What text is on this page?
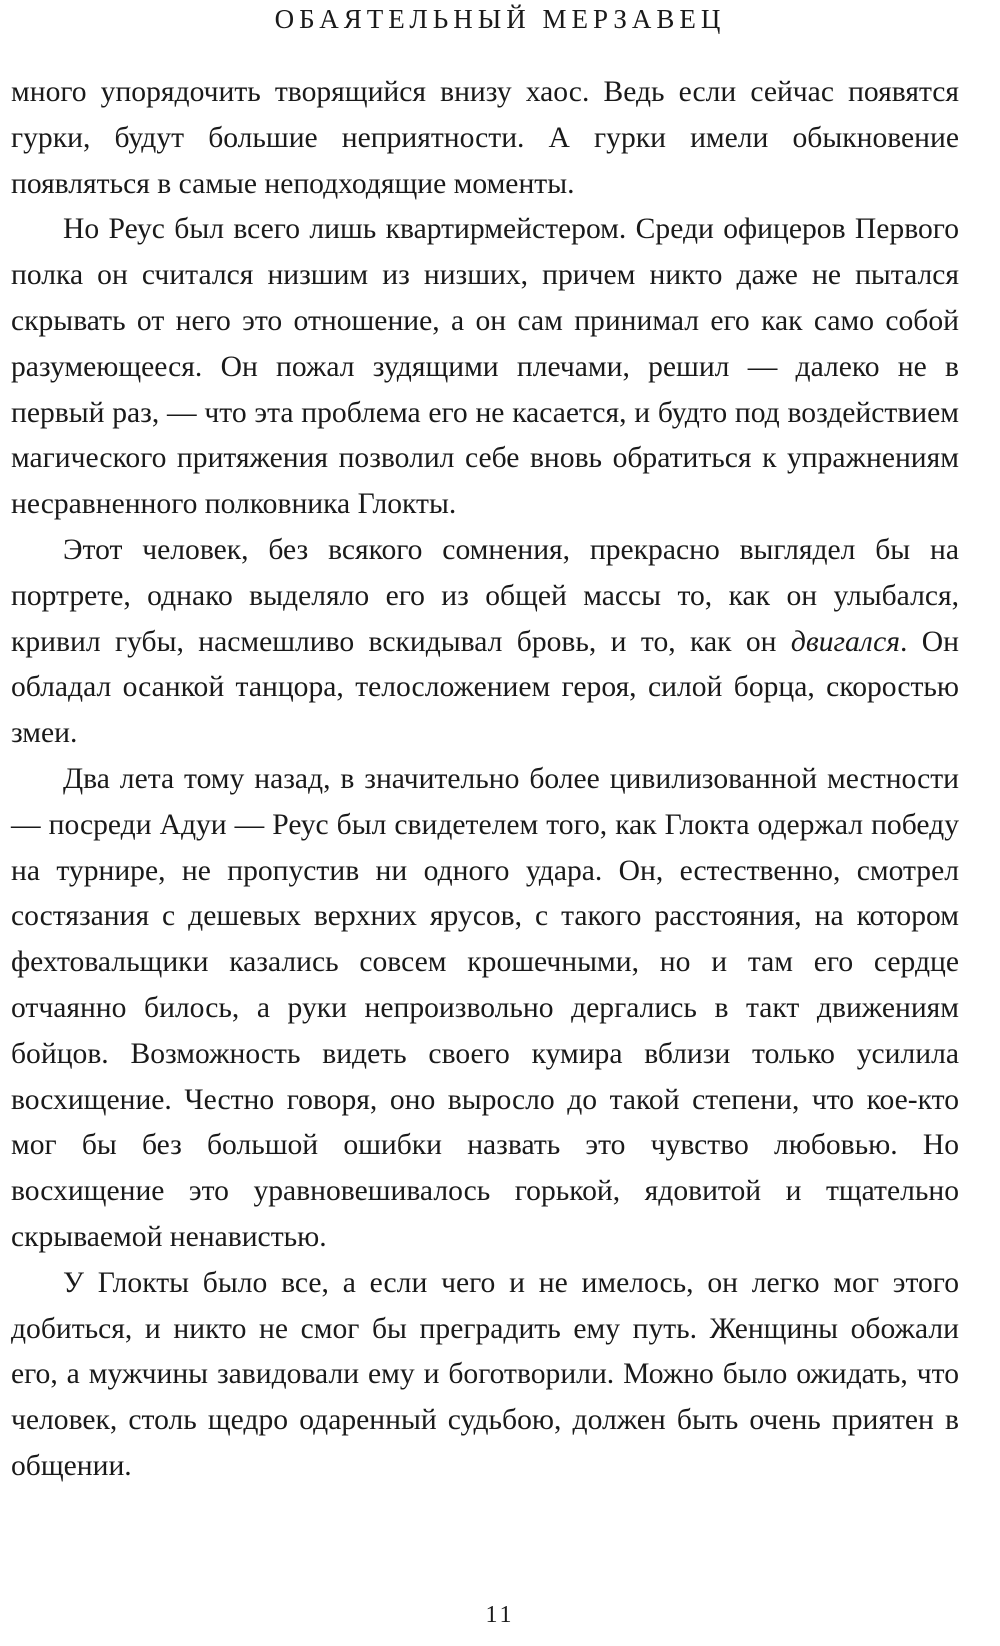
ОБАЯТЕЛЬНЫЙ МЕРЗАВЕЦ

много упорядочить творящийся внизу хаос. Ведь если сейчас появятся гурки, будут большие неприятности. А гурки имели обыкновение появляться в самые неподходящие моменты.

Но Реус был всего лишь квартирмейстером. Среди офицеров Первого полка он считался низшим из низших, причем никто даже не пытался скрывать от него это отношение, а он сам принимал его как само собой разумеющееся. Он пожал зудящими плечами, решил — далеко не в первый раз, — что эта проблема его не касается, и будто под воздействием магического притяжения позволил себе вновь обратиться к упражнениям несравненного полковника Глокты.

Этот человек, без всякого сомнения, прекрасно выглядел бы на портрете, однако выделяло его из общей массы то, как он улыбался, кривил губы, насмешливо вскидывал бровь, и то, как он двигался. Он обладал осанкой танцора, телосложением героя, силой борца, скоростью змеи.

Два лета тому назад, в значительно более цивилизованной местности — посреди Адуи — Реус был свидетелем того, как Глокта одержал победу на турнире, не пропустив ни одного удара. Он, естественно, смотрел состязания с дешевых верхних ярусов, с такого расстояния, на котором фехтовальщики казались совсем крошечными, но и там его сердце отчаянно билось, а руки непроизвольно дергались в такт движениям бойцов. Возможность видеть своего кумира вблизи только усилила восхищение. Честно говоря, оно выросло до такой степени, что кое-кто мог бы без большой ошибки назвать это чувство любовью. Но восхищение это уравновешивалось горькой, ядовитой и тщательно скрываемой ненавистью.

У Глокты было все, а если чего и не имелось, он легко мог этого добиться, и никто не смог бы преградить ему путь. Женщины обожали его, а мужчины завидовали ему и боготворили. Можно было ожидать, что человек, столь щедро одаренный судьбою, должен быть очень приятен в общении.

11
